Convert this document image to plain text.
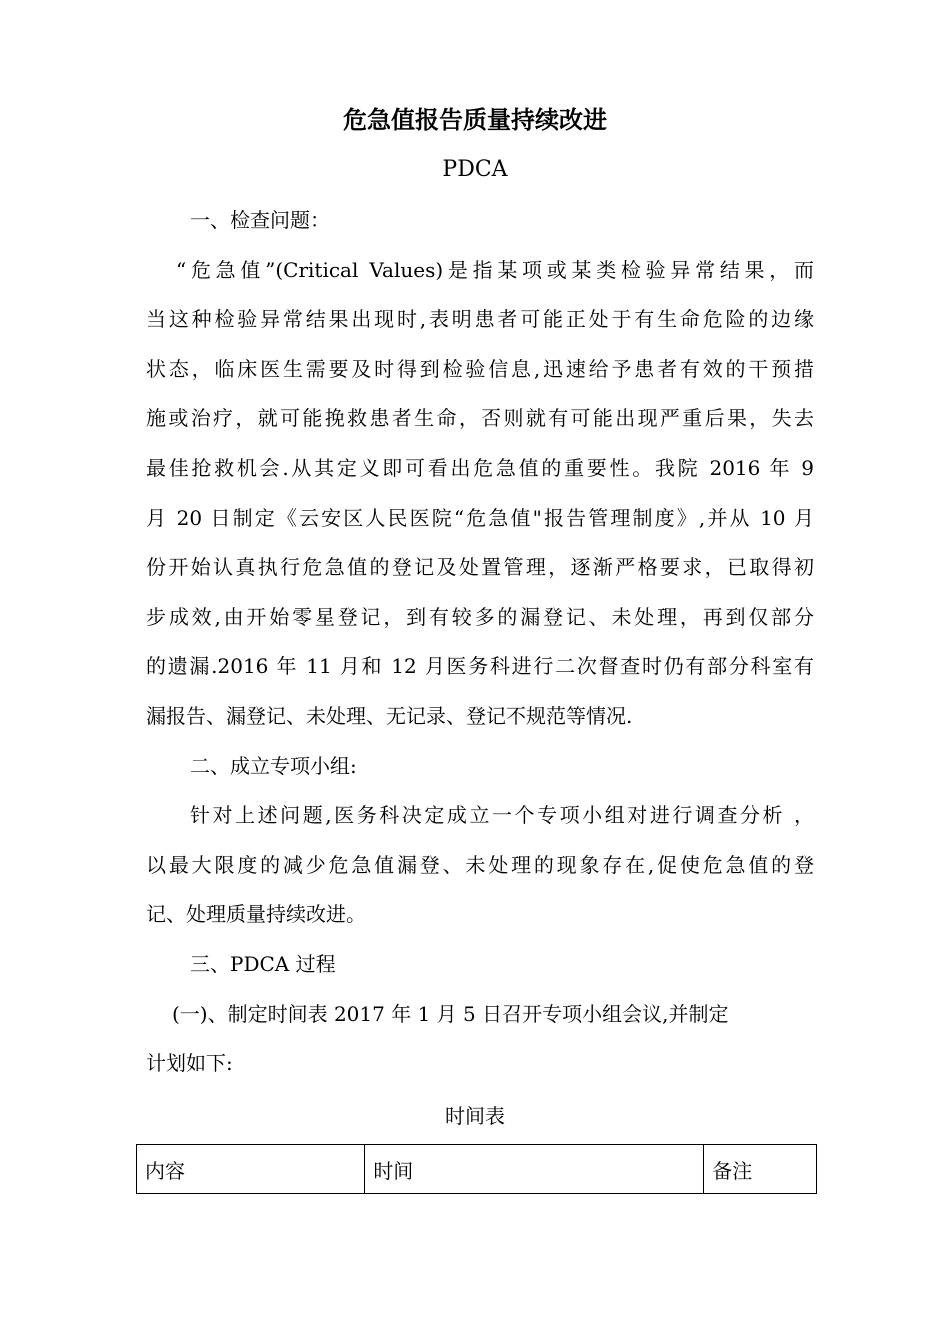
危急值报告质量持续改进
PDCA
一、检查问题：
“危急值”(Critical Values)是指某项或某类检验异常结果，而
当这种检验异常结果出现时,表明患者可能正处于有生命危险的边缘
状态，临床医生需要及时得到检验信息,迅速给予患者有效的干预措
施或治疗，就可能挽救患者生命，否则就有可能出现严重后果，失去
最佳抢救机会.从其定义即可看出危急值的重要性。我院 2016 年 9
月 20 日制定《云安区人民医院“危急值"报告管理制度》,并从 10 月
份开始认真执行危急值的登记及处置管理，逐渐严格要求，已取得初
步成效,由开始零星登记，到有较多的漏登记、未处理，再到仅部分
的遗漏.2016 年 11 月和 12 月医务科进行二次督查时仍有部分科室有
漏报告、漏登记、未处理、无记录、登记不规范等情况.
二、成立专项小组:
针对上述问题,医务科决定成立一个专项小组对进行调查分析 ，
以最大限度的减少危急值漏登、未处理的现象存在,促使危急值的登
记、处理质量持续改进。
三、PDCA 过程
(一)、制定时间表 2017 年 1 月 5 日召开专项小组会议,并制定
计划如下:
时间表
内容	时间	备注
